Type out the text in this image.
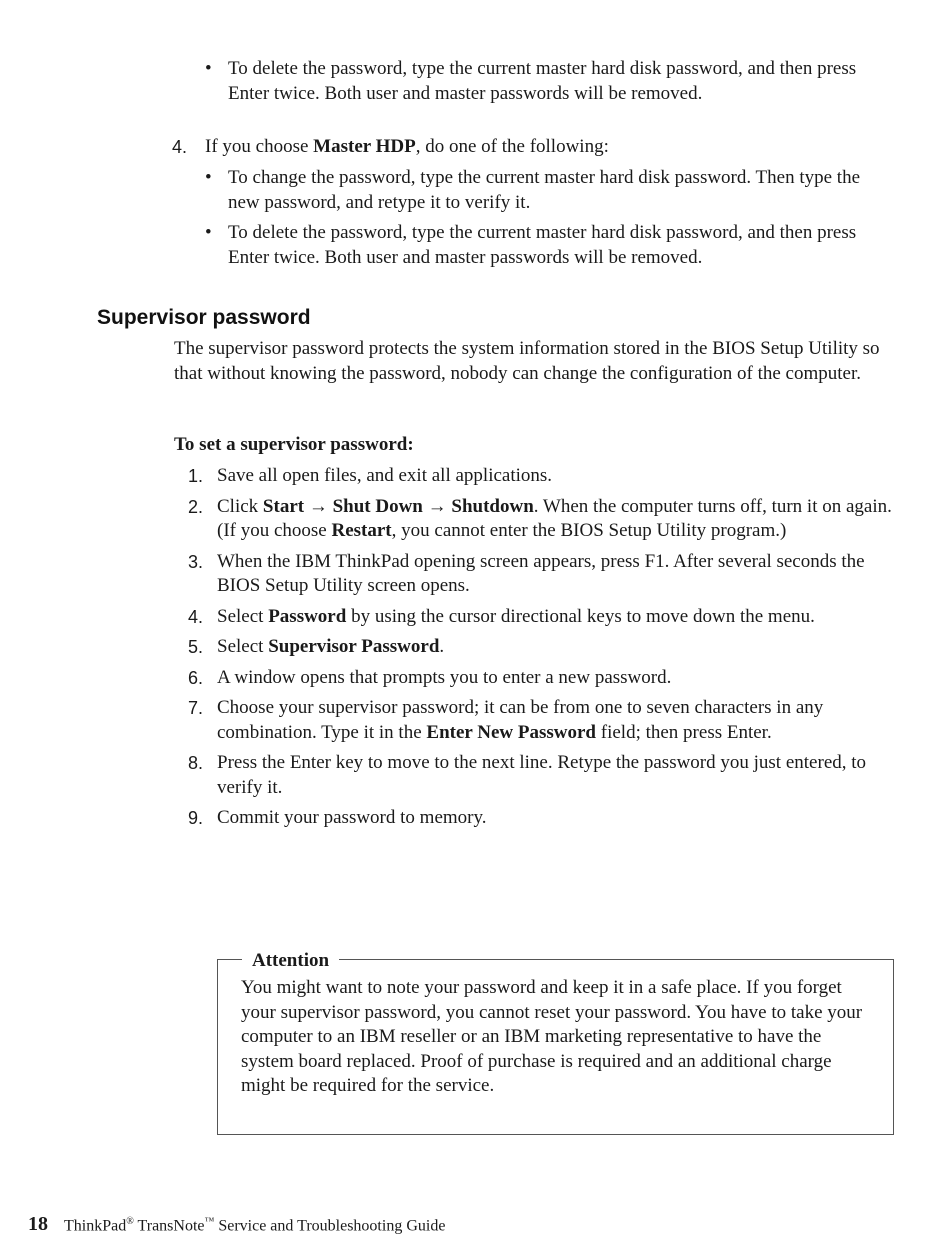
• To delete the password, type the current master hard disk password, and then press Enter twice. Both user and master passwords will be removed.

4. If you choose Master HDP, do one of the following:

• To change the password, type the current master hard disk password. Then type the new password, and retype it to verify it.

• To delete the password, type the current master hard disk password, and then press Enter twice. Both user and master passwords will be removed.

Supervisor password
The supervisor password protects the system information stored in the BIOS Setup Utility so that without knowing the password, nobody can change the configuration of the computer.
To set a supervisor password:
1. Save all open files, and exit all applications.
2. Click Start → Shut Down → Shutdown. When the computer turns off, turn it on again. (If you choose Restart, you cannot enter the BIOS Setup Utility program.)
3. When the IBM ThinkPad opening screen appears, press F1. After several seconds the BIOS Setup Utility screen opens.
4. Select Password by using the cursor directional keys to move down the menu.
5. Select Supervisor Password.
6. A window opens that prompts you to enter a new password.
7. Choose your supervisor password; it can be from one to seven characters in any combination. Type it in the Enter New Password field; then press Enter.
8. Press the Enter key to move to the next line. Retype the password you just entered, to verify it.
9. Commit your password to memory.
Attention
You might want to note your password and keep it in a safe place. If you forget your supervisor password, you cannot reset your password. You have to take your computer to an IBM reseller or an IBM marketing representative to have the system board replaced. Proof of purchase is required and an additional charge might be required for the service.
18 ThinkPad® TransNote™ Service and Troubleshooting Guide
